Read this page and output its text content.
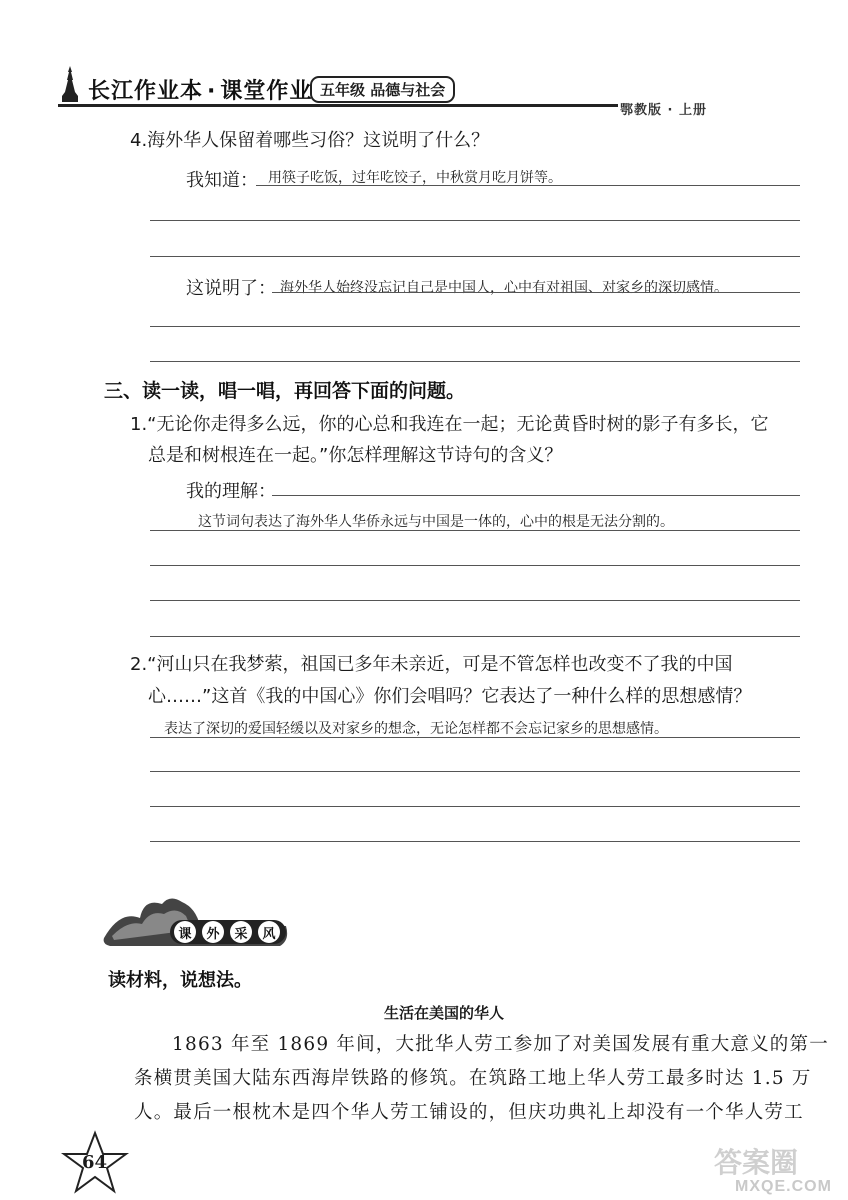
长江作业本 · 课堂作业 五年级 品德与社会
鄂教版 · 上册
4.海外华人保留着哪些习俗？这说明了什么？
我知道： 用筷子吃饭，过年吃饺子，中秋赏月吃月饼等。
这说明了： 海外华人始终没忘记自己是中国人，心中有对祖国、对家乡的深切感情。
三、读一读，唱一唱，再回答下面的问题。
1.“无论你走得多么远，你的心总和我连在一起；无论黄昏时树的影子有多长，它
总是和树根连在一起。”你怎样理解这节诗句的含义？
我的理解：
这节词句表达了海外华人华侨永远与中国是一体的，心中的根是无法分割的。
2.“河山只在我梦萦，祖国已多年未亲近，可是不管怎样也改变不了我的中国
心……”这首《我的中国心》你们会唱吗？它表达了一种什么样的思想感情？
表达了深切的爱国轻缓以及对家乡的想念，无论怎样都不会忘记家乡的思想感情。
课	外	采	风
读材料，说想法。
生活在美国的华人
1863 年至 1869 年间，大批华人劳工参加了对美国发展有重大意义的第一
条横贯美国大陆东西海岸铁路的修筑。在筑路工地上华人劳工最多时达 1.5 万
人。最后一根枕木是四个华人劳工铺设的，但庆功典礼上却没有一个华人劳工
64	答案圈
MXQE.COM
